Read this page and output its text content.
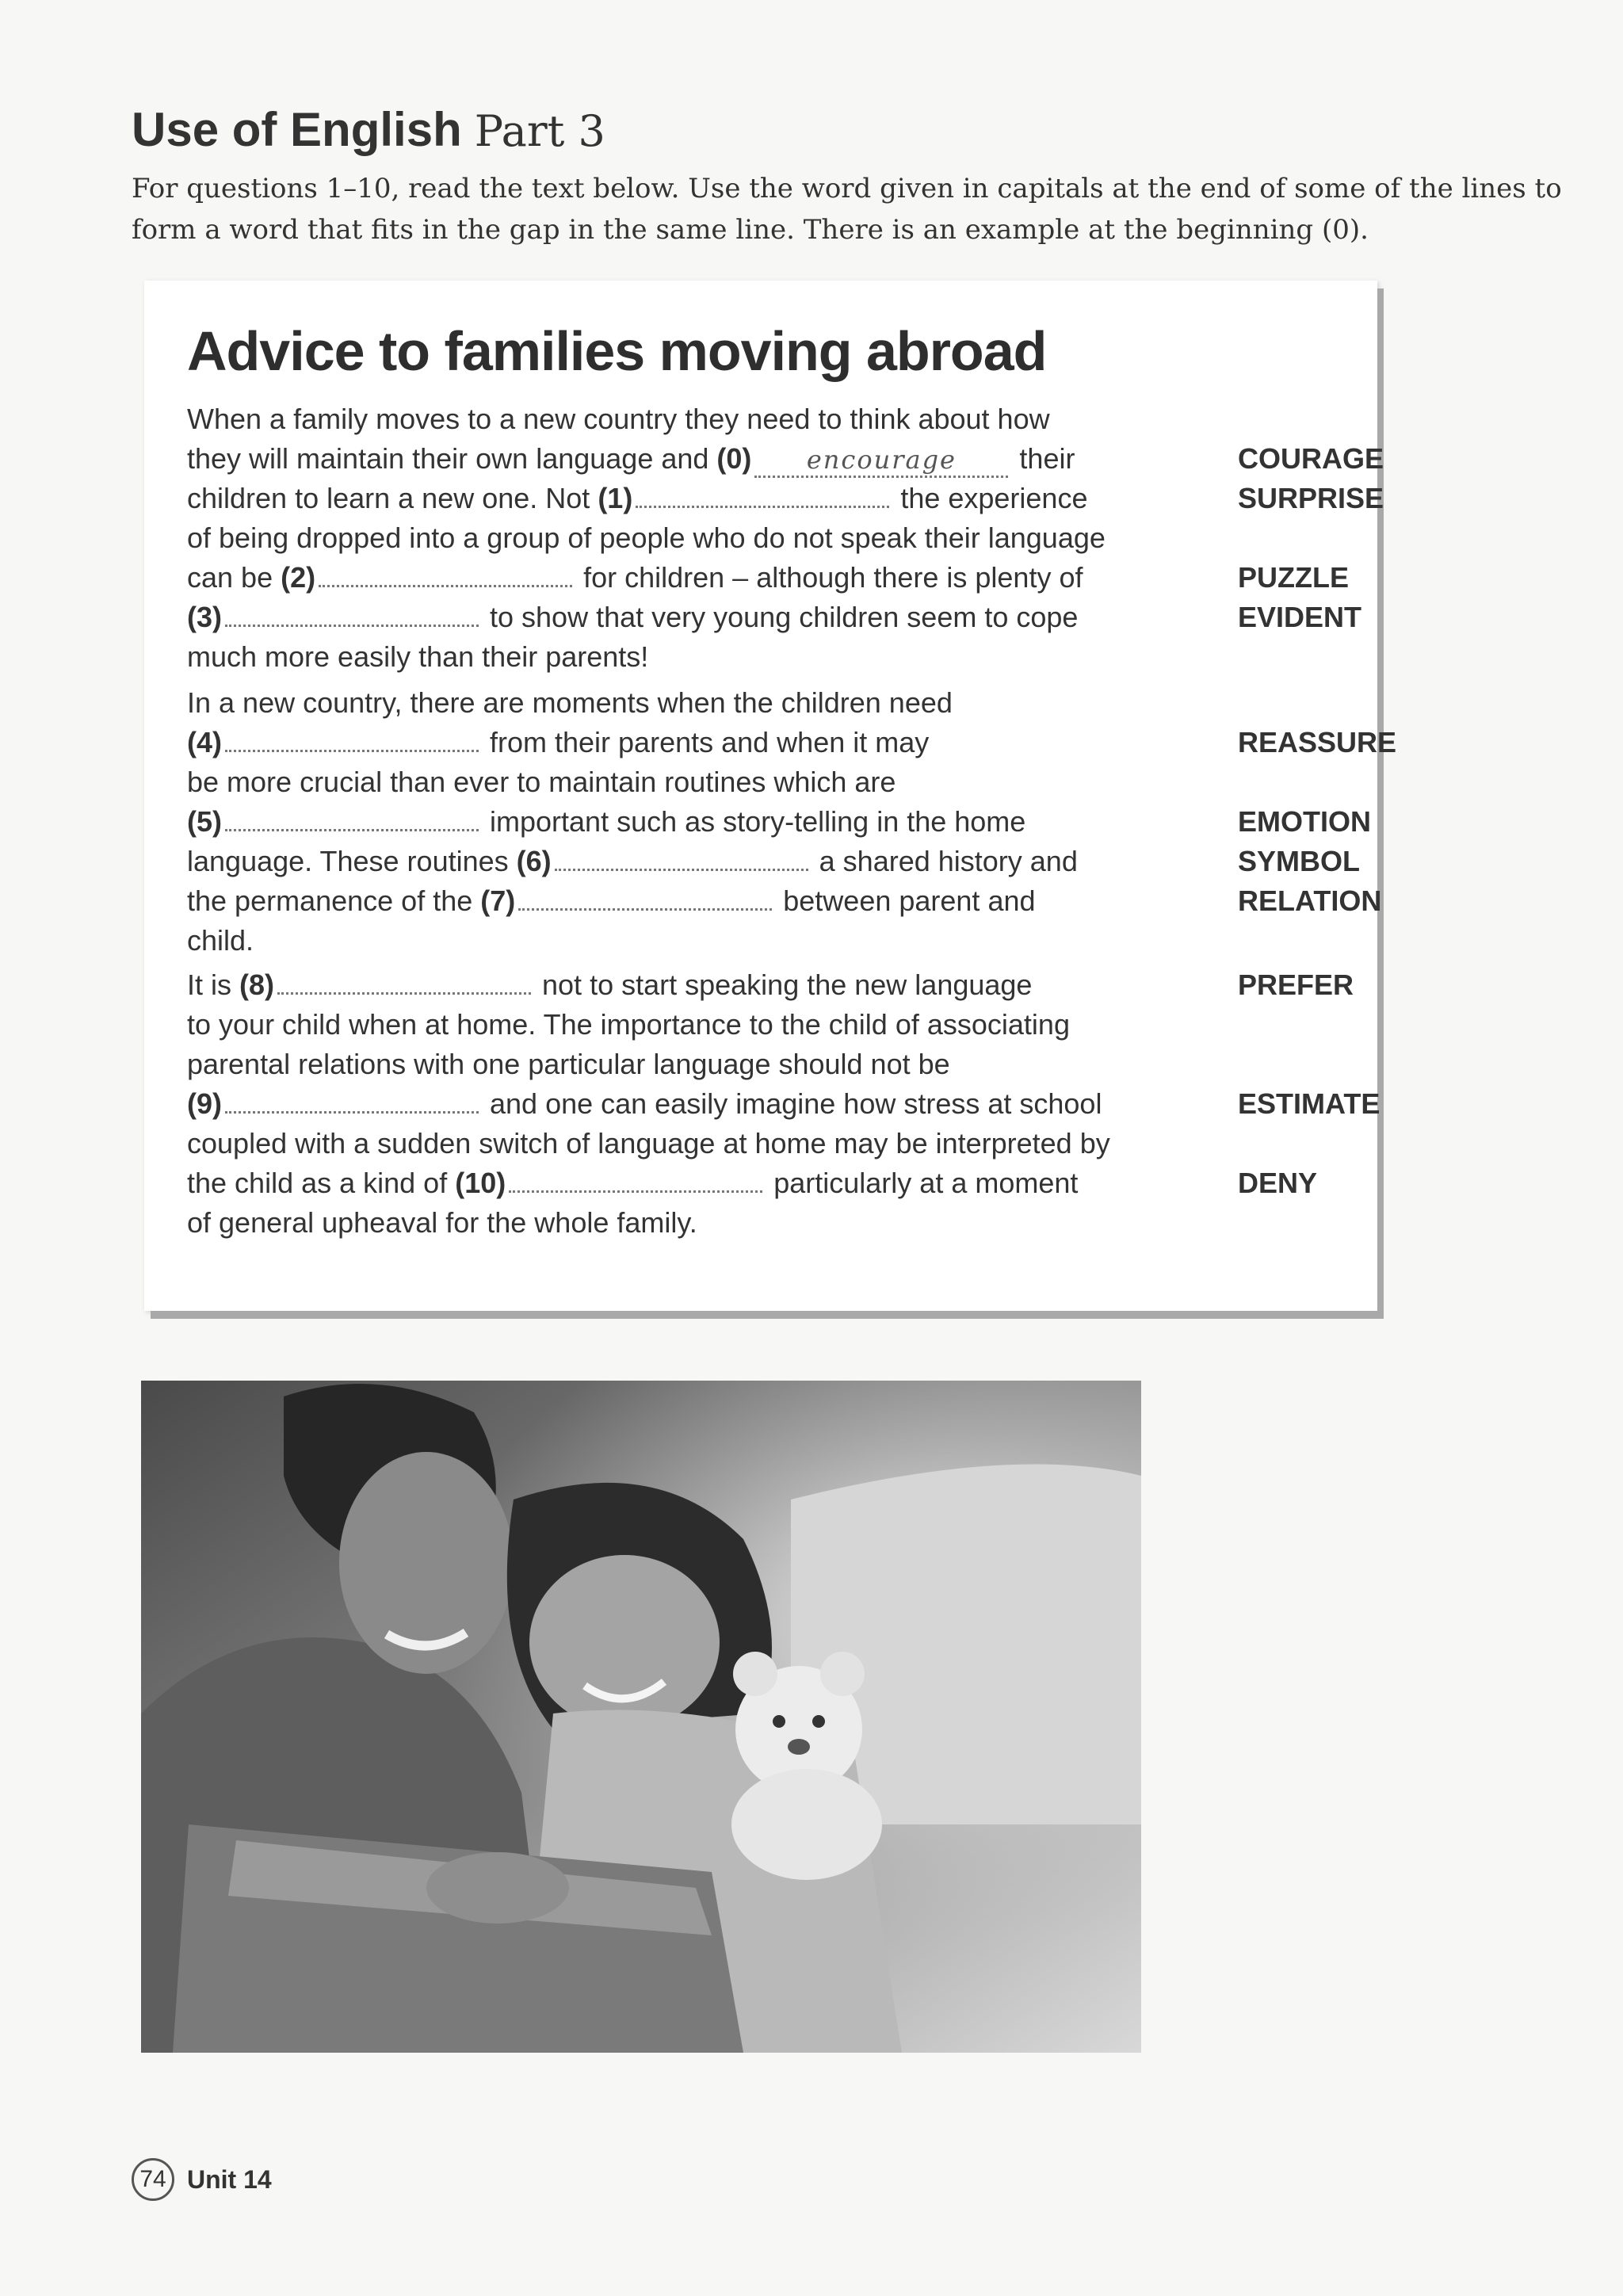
Use of English Part 3

For questions 1–10, read the text below. Use the word given in capitals at the end of some of the lines to form a word that fits in the gap in the same line. There is an example at the beginning (0).

Advice to families moving abroad
When a family moves to a new country they need to think about how
they will maintain their own language and (0) encourage their	COURAGE
children to learn a new one. Not (1)	the experience	SURPRISE
of being dropped into a group of people who do not speak their language
can be (2)	for children – although there is plenty of	PUZZLE
(3)	to show that very young children seem to cope	EVIDENT
much more easily than their parents!
In a new country, there are moments when the children need
(4)	from their parents and when it may	REASSURE
be more crucial than ever to maintain routines which are
(5)	important such as story-telling in the home	EMOTION
language. These routines (6)	a shared history and	SYMBOL
the permanence of the (7)	between parent and	RELATION
child.
It is (8)	not to start speaking the new language	PREFER
to your child when at home. The importance to the child of associating
parental relations with one particular language should not be
(9)	and one can easily imagine how stress at school	ESTIMATE
coupled with a sudden switch of language at home may be interpreted by
the child as a kind of (10)	particularly at a moment	DENY
of general upheaval for the whole family.
74 Unit 14
